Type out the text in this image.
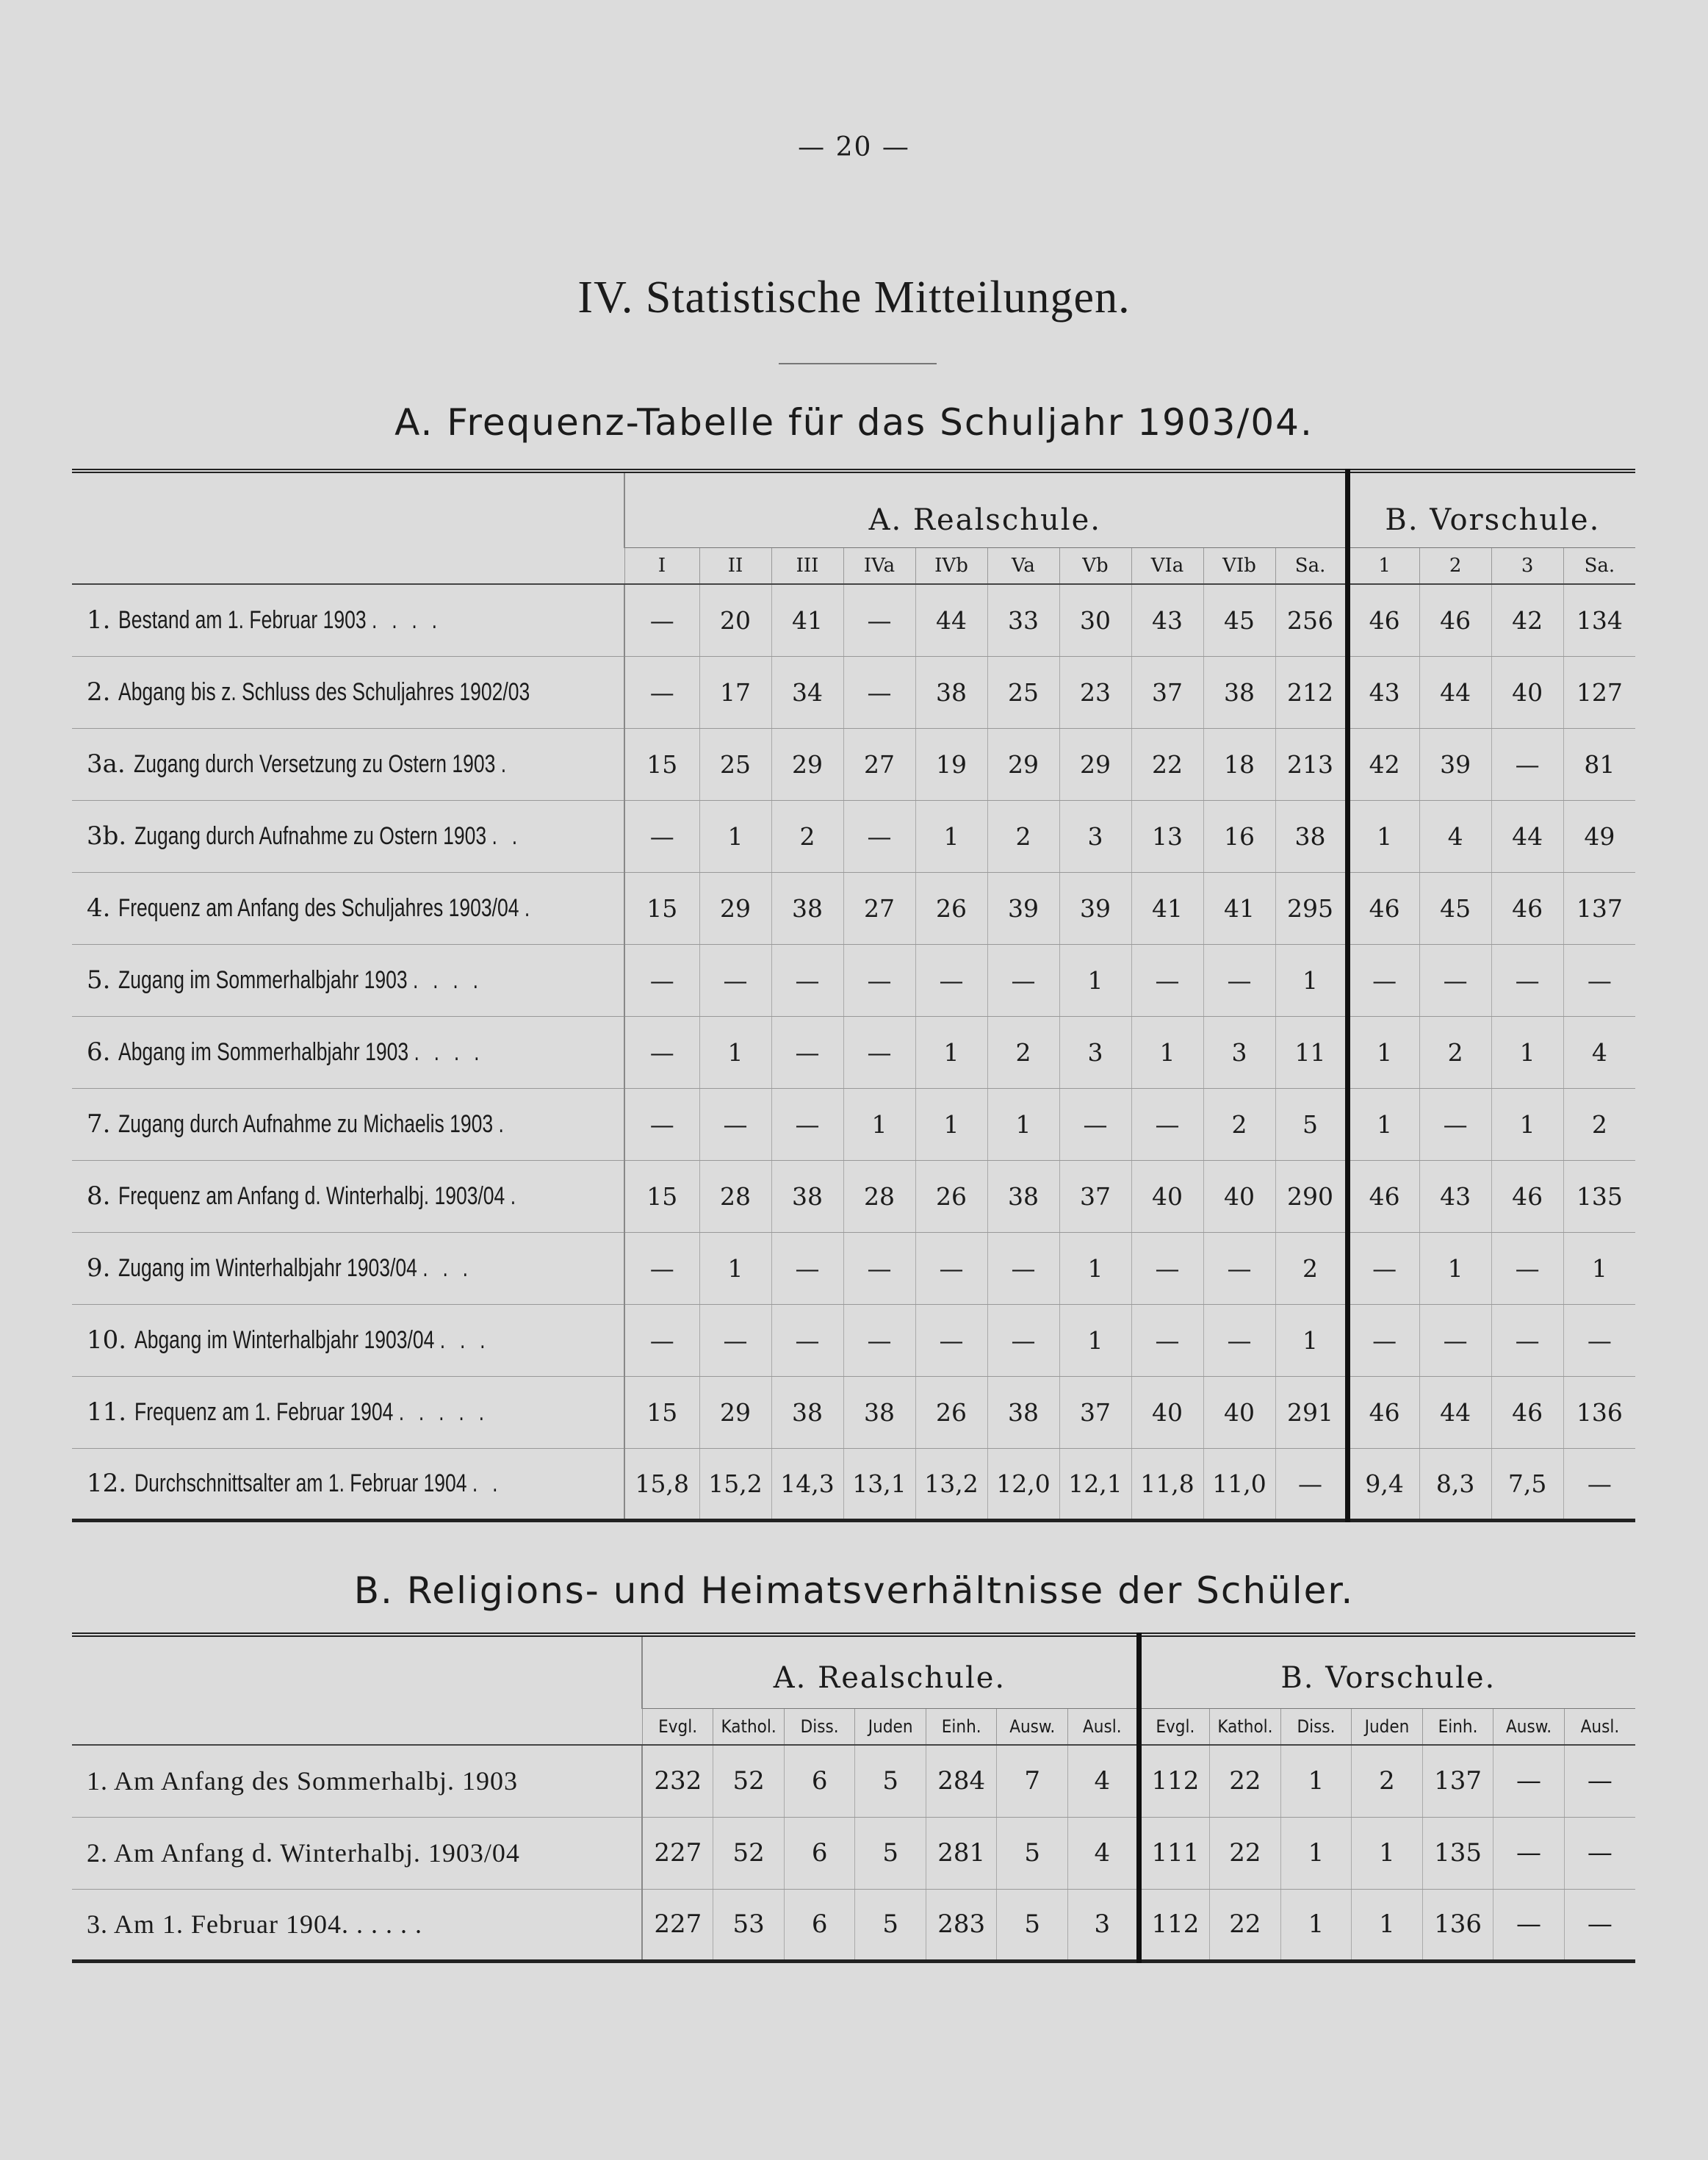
— 20 —
IV. Statistische Mitteilungen.
A. Frequenz-Tabelle für das Schuljahr 1903/04.
	A. Realschule.										B. Vorschule.			
	I	II	III	IVa	IVb	Va	Vb	VIa	VIb	Sa.	1	2	3	Sa.
1. Bestand am 1. Februar 1903 . . . .	—	20	41	—	44	33	30	43	45	256	46	46	42	134
2. Abgang bis z. Schluss des Schuljahres 1902/03	—	17	34	—	38	25	23	37	38	212	43	44	40	127
3a. Zugang durch Versetzung zu Ostern 1903 .	15	25	29	27	19	29	29	22	18	213	42	39	—	81
3b. Zugang durch Aufnahme zu Ostern 1903 . .	—	1	2	—	1	2	3	13	16	38	1	4	44	49
4. Frequenz am Anfang des Schuljahres 1903/04 .	15	29	38	27	26	39	39	41	41	295	46	45	46	137
5. Zugang im Sommerhalbjahr 1903 . . . .	—	—	—	—	—	—	1	—	—	1	—	—	—	—
6. Abgang im Sommerhalbjahr 1903 . . . .	—	1	—	—	1	2	3	1	3	11	1	2	1	4
7. Zugang durch Aufnahme zu Michaelis 1903 .	—	—	—	1	1	1	—	—	2	5	1	—	1	2
8. Frequenz am Anfang d. Winterhalbj. 1903/04 .	15	28	38	28	26	38	37	40	40	290	46	43	46	135
9. Zugang im Winterhalbjahr 1903/04 . . .	—	1	—	—	—	—	1	—	—	2	—	1	—	1
10. Abgang im Winterhalbjahr 1903/04 . . .	—	—	—	—	—	—	1	—	—	1	—	—	—	—
11. Frequenz am 1. Februar 1904 . . . . .	15	29	38	38	26	38	37	40	40	291	46	44	46	136
12. Durchschnittsalter am 1. Februar 1904 . .	15,8	15,2	14,3	13,1	13,2	12,0	12,1	11,8	11,0	—	9,4	8,3	7,5	—
B. Religions- und Heimatsverhältnisse der Schüler.
	A. Realschule.							B. Vorschule.						
	Evgl.	Kathol.	Diss.	Juden	Einh.	Ausw.	Ausl.	Evgl.	Kathol.	Diss.	Juden	Einh.	Ausw.	Ausl.
1. Am Anfang des Sommerhalbj. 1903	232	52	6	5	284	7	4	112	22	1	2	137	—	—
2. Am Anfang d. Winterhalbj. 1903/04	227	52	6	5	281	5	4	111	22	1	1	135	—	—
3. Am 1. Februar 1904. . . . . .	227	53	6	5	283	5	3	112	22	1	1	136	—	—
